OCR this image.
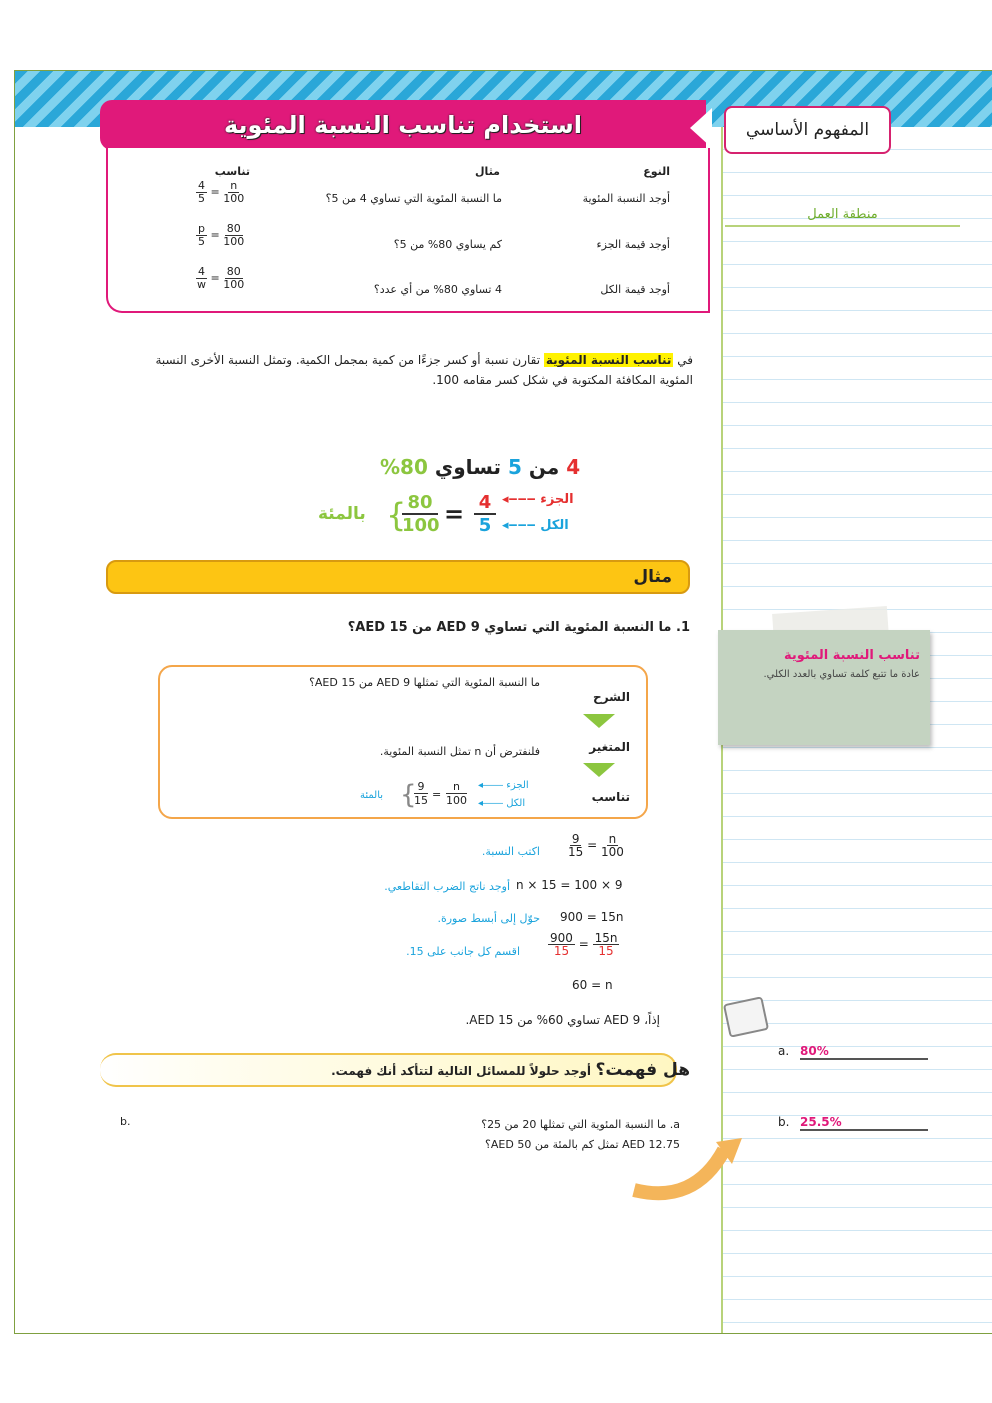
المفهوم الأساسي
استخدام تناسب النسبة المئوية
النوع
مثال
تناسب
أوجد النسبة المئوية
ما النسبة المئوية التي تساوي 4 من 5؟
$\frac{4}{5} = \frac{n}{100}$
أوجد قيمة الجزء
كم يساوي 80% من 5؟
$\frac{p}{5} = \frac{80}{100}$
أوجد قيمة الكل
4 تساوي 80% من أي عدد؟
$\frac{4}{w} = \frac{80}{100}$
منطقة العمل
في تناسب النسبة المئوية تقارن نسبة أو كسر جزءًا من كمية بمجمل الكمية. وتمثل النسبة الأخرى النسبة المئوية المكافئة المكتوبة في شكل كسر مقامه 100.
4 من 5 تساوي 80%
بالمئة { 80
100 = 4
5
◂‒‒‒ الجزء
◂‒‒‒ الكل
مثال
1. ما النسبة المئوية التي تساوي AED 9 من AED 15؟
ما النسبة المئوية التي تمثلها AED 9 من AED 15؟
الشرح
فلنفترض أن n تمثل النسبة المئوية.	المتغير
تناسب
بالمئة { 9
15 =
n
100
◂―― الجزء
◂―― الكل
$\frac{9}{15} = \frac{n}{100}$
اكتب النسبة.
n × 15 = 100 × 9
أوجد ناتج الضرب التقاطعي.
900 = 15n
حوّل إلى أبسط صورة.
$\frac{900}{15} = \frac{15n}{15}$
اقسم كل جانب على 15.
60 = n
إذاً، AED 9 تساوي 60% من AED 15.
تناسب النسبة المئوية
عادة ما تتبع كلمة تساوي بالعدد الكلي.
هل فهمت؟ أوجد حلولاً للمسائل التالية لتتأكد أنك فهمت.
a. ما النسبة المئوية التي تمثلها 20 من 25؟
AED 12.75 تمثل كم بالمئة من AED 50؟
b.
a. 80%
b. 25.5%
